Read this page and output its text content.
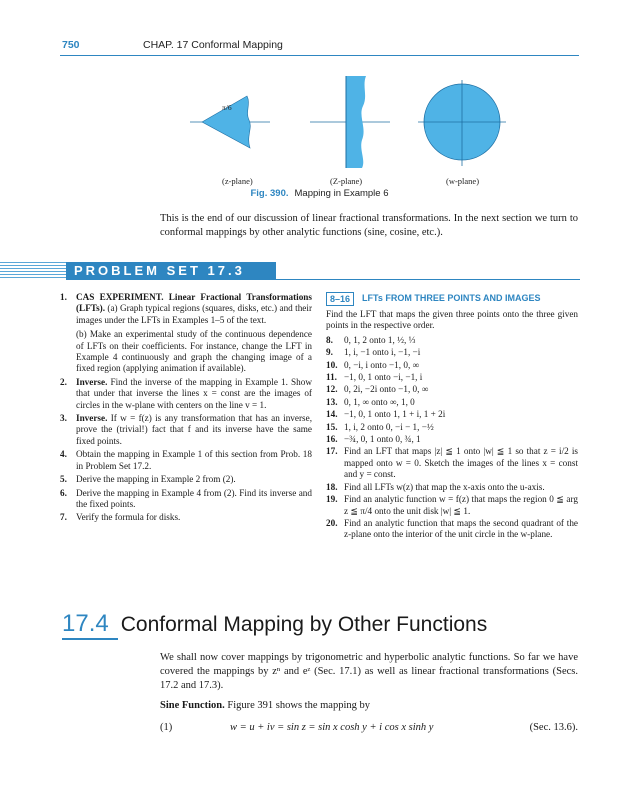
750	CHAP. 17 Conformal Mapping
π/6
(z-plane)	(Z-plane)	(w-plane)
Fig. 390. Mapping in Example 6
This is the end of our discussion of linear fractional transformations. In the next section we turn to conformal mappings by other analytic functions (sine, cosine, etc.).
PROBLEM SET 17.3
1. CAS EXPERIMENT. Linear Fractional Transformations (LFTs). (a) Graph typical regions (squares, disks, etc.) and their images under the LFTs in Examples 1–5 of the text.
(b) Make an experimental study of the continuous dependence of LFTs on their coefficients. For instance, change the LFT in Example 4 continuously and graph the changing image of a fixed region (applying animation if available).
2. Inverse. Find the inverse of the mapping in Example 1. Show that under that inverse the lines x = const are the images of circles in the w-plane with centers on the line v = 1.
3. Inverse. If w = f(z) is any transformation that has an inverse, prove the (trivial!) fact that f and its inverse have the same fixed points.
4. Obtain the mapping in Example 1 of this section from Prob. 18 in Problem Set 17.2.
5. Derive the mapping in Example 2 from (2).
6. Derive the mapping in Example 4 from (2). Find its inverse and the fixed points.
7. Verify the formula for disks.
8–16	LFTs FROM THREE POINTS AND IMAGES
Find the LFT that maps the given three points onto the three given points in the respective order.
8. 0, 1, 2 onto 1, ½, ⅓
9. 1, i, −1 onto i, −1, −i
10. 0, −i, i onto −1, 0, ∞
11. −1, 0, 1 onto −i, −1, i
12. 0, 2i, −2i onto −1, 0, ∞
13. 0, 1, ∞ onto ∞, 1, 0
14. −1, 0, 1 onto 1, 1 + i, 1 + 2i
15. 1, i, 2 onto 0, −i − 1, −½
16. −¾, 0, 1 onto 0, ¾, 1
17. Find an LFT that maps |z| ≦ 1 onto |w| ≦ 1 so that z = i/2 is mapped onto w = 0. Sketch the images of the lines x = const and y = const.
18. Find all LFTs w(z) that map the x-axis onto the u-axis.
19. Find an analytic function w = f(z) that maps the region 0 ≦ arg z ≦ π/4 onto the unit disk |w| ≦ 1.
20. Find an analytic function that maps the second quadrant of the z-plane onto the interior of the unit circle in the w-plane.
17.4 Conformal Mapping by Other Functions
We shall now cover mappings by trigonometric and hyperbolic analytic functions. So far we have covered the mappings by zⁿ and eᶻ (Sec. 17.1) as well as linear fractional transformations (Secs. 17.2 and 17.3).
Sine Function. Figure 391 shows the mapping by
(1)	w = u + iv = sin z = sin x cosh y + i cos x sinh y	(Sec. 13.6).
